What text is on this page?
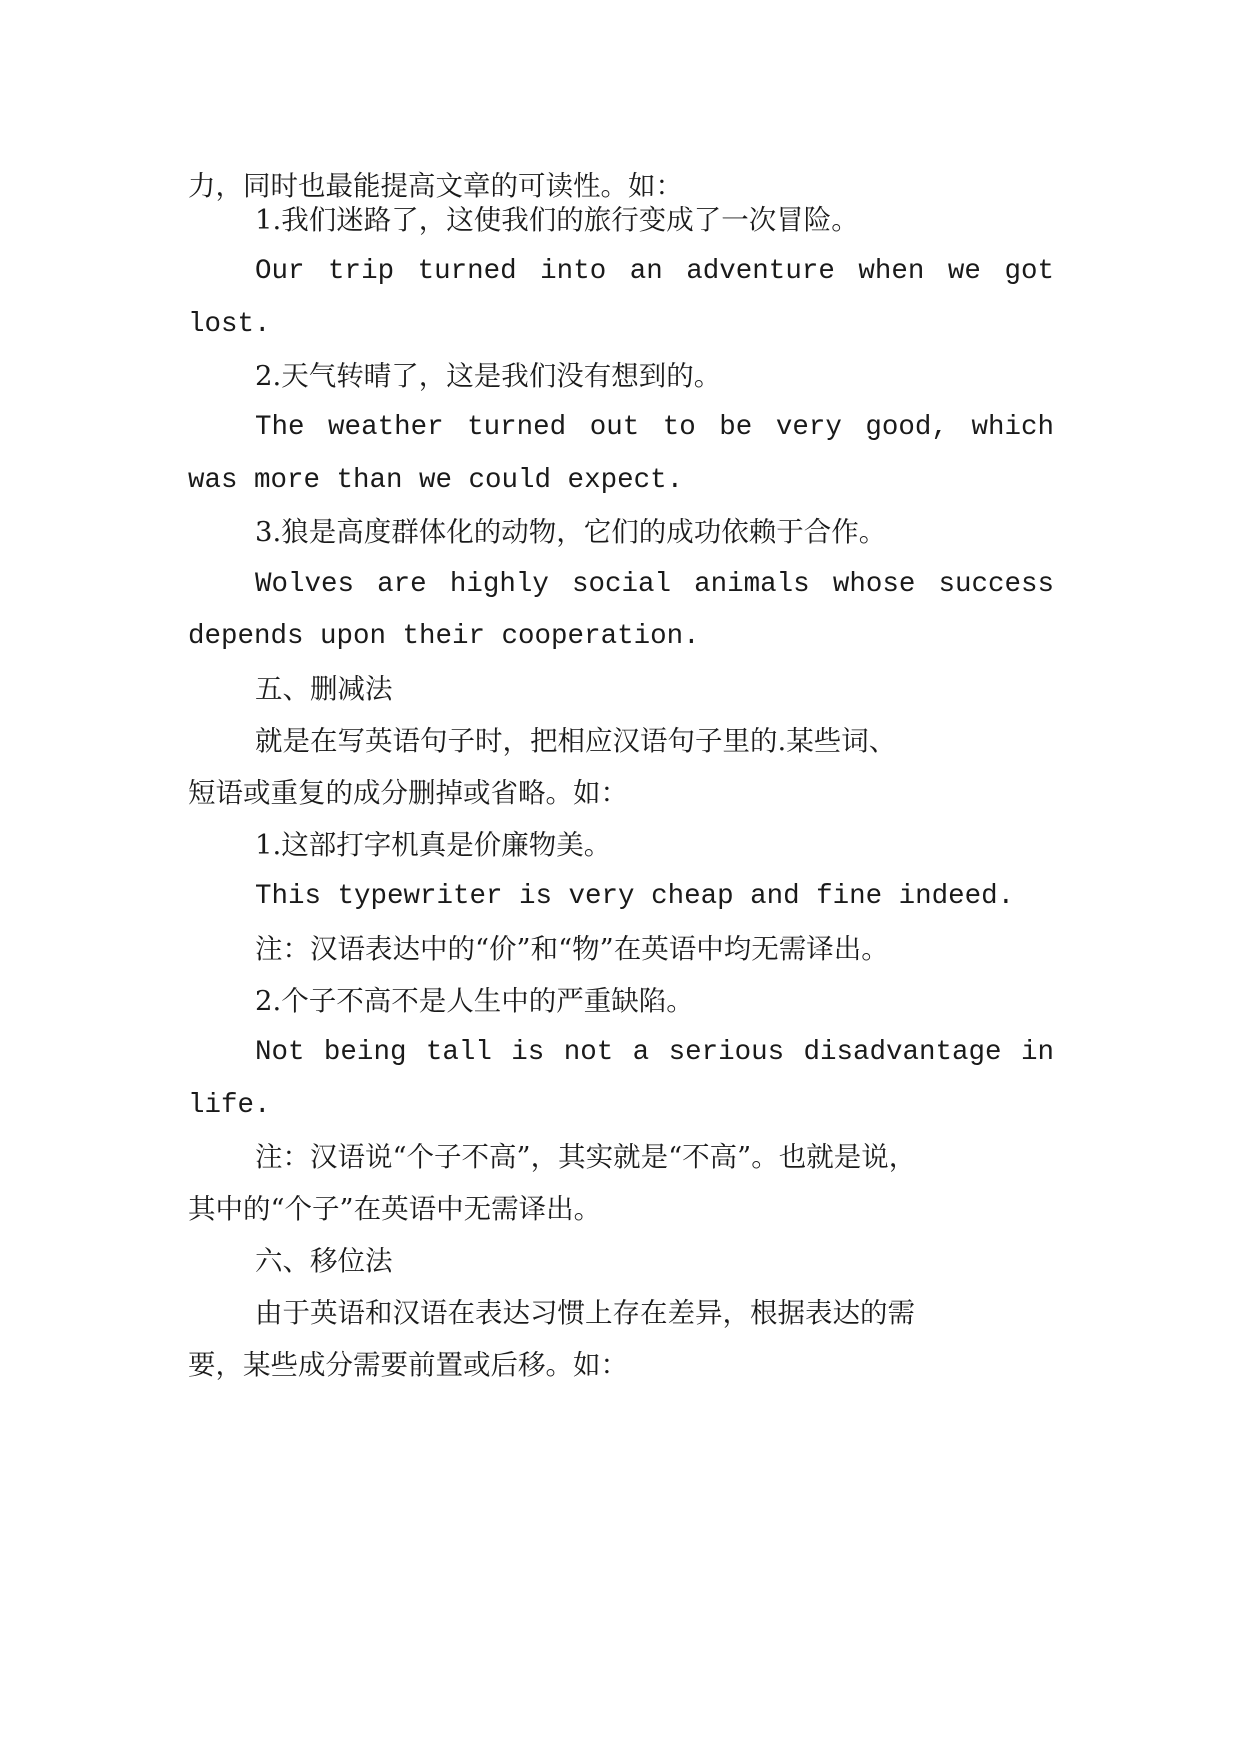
力，同时也最能提高文章的可读性。如：
1.我们迷路了，这使我们的旅行变成了一次冒险。
Our trip turned into an adventure when we got
lost.
2.天气转晴了，这是我们没有想到的。
The weather turned out to be very good, which
was more than we could expect.
3.狼是高度群体化的动物，它们的成功依赖于合作。
Wolves are highly social animals whose success
depends upon their cooperation.
五、删减法
就是在写英语句子时，把相应汉语句子里的.某些词、
短语或重复的成分删掉或省略。如：
1.这部打字机真是价廉物美。
This typewriter is very cheap and fine indeed.
注：汉语表达中的“价”和“物”在英语中均无需译出。
2.个子不高不是人生中的严重缺陷。
Not being tall is not a serious disadvantage in
life.
注：汉语说“个子不高”，其实就是“不高”。也就是说，
其中的“个子”在英语中无需译出。
六、移位法
由于英语和汉语在表达习惯上存在差异，根据表达的需
要，某些成分需要前置或后移。如：
